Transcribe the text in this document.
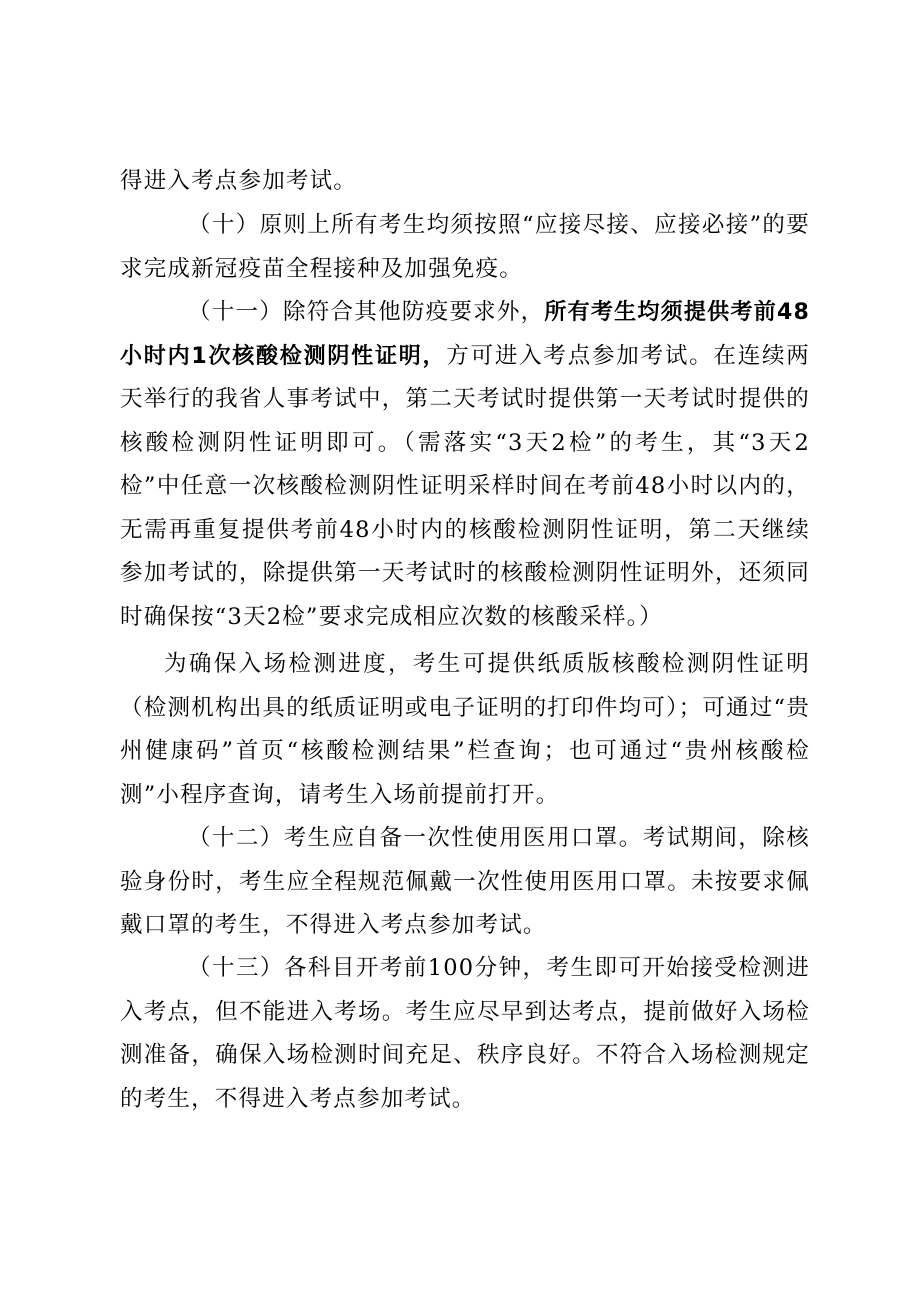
得进入考点参加考试。

（十）原则上所有考生均须按照“应接尽接、应接必接”的要求完成新冠疫苗全程接种及加强免疫。

（十一）除符合其他防疫要求外，所有考生均须提供考前48小时内1次核酸检测阴性证明，方可进入考点参加考试。在连续两天举行的我省人事考试中，第二天考试时提供第一天考试时提供的核酸检测阴性证明即可。（需落实“3天2检”的考生，其“3天2检”中任意一次核酸检测阴性证明采样时间在考前48小时以内的，无需再重复提供考前48小时内的核酸检测阴性证明，第二天继续参加考试的，除提供第一天考试时的核酸检测阴性证明外，还须同时确保按“3天2检”要求完成相应次数的核酸采样。）

为确保入场检测进度，考生可提供纸质版核酸检测阴性证明（检测机构出具的纸质证明或电子证明的打印件均可）；可通过“贵州健康码”首页“核酸检测结果”栏查询；也可通过“贵州核酸检测”小程序查询，请考生入场前提前打开。

（十二）考生应自备一次性使用医用口罩。考试期间，除核验身份时，考生应全程规范佩戴一次性使用医用口罩。未按要求佩戴口罩的考生，不得进入考点参加考试。

（十三）各科目开考前100分钟，考生即可开始接受检测进入考点，但不能进入考场。考生应尽早到达考点，提前做好入场检测准备，确保入场检测时间充足、秩序良好。不符合入场检测规定的考生，不得进入考点参加考试。
